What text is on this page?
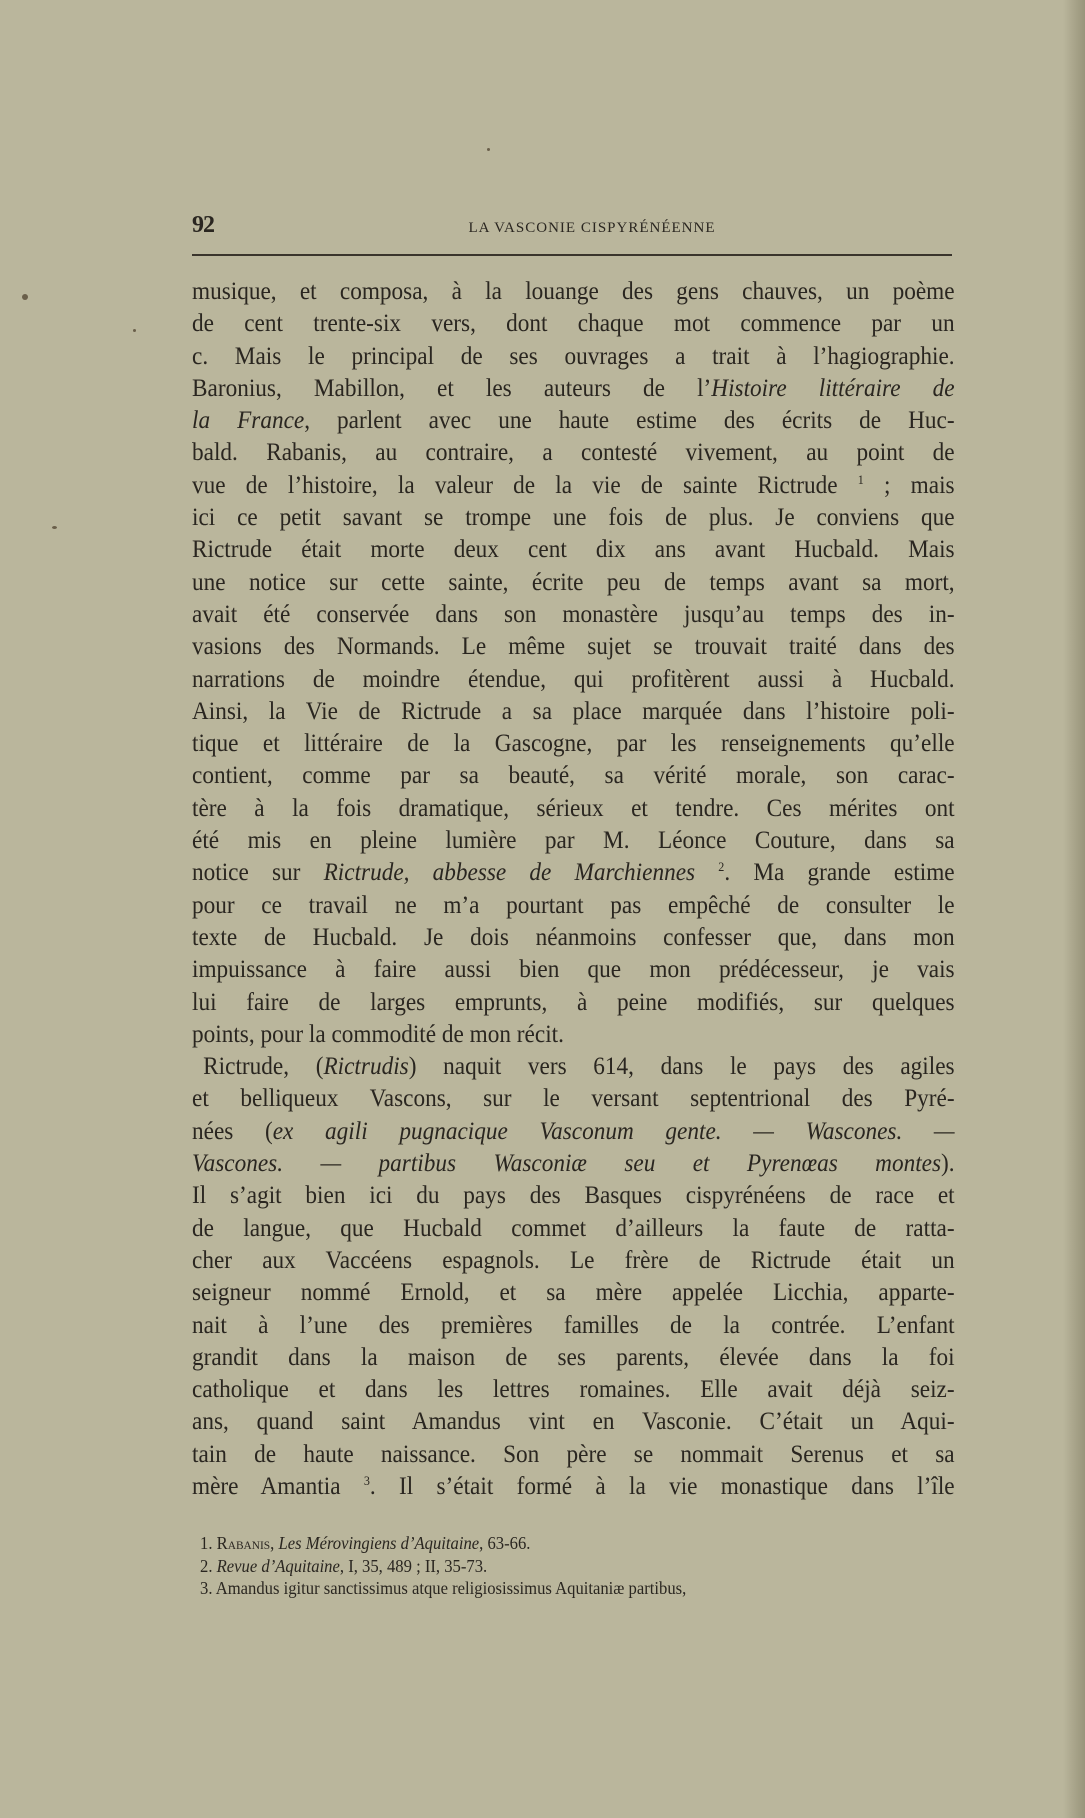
92	LA VASCONIE CISPYRÉNÉENNE
musique, et composa, à la louange des gens chauves, un poème
de cent trente-six vers, dont chaque mot commence par un
c. Mais le principal de ses ouvrages a trait à l’hagiographie.
Baronius, Mabillon, et les auteurs de l’Histoire littéraire de
la France, parlent avec une haute estime des écrits de Huc-
bald. Rabanis, au contraire, a contesté vivement, au point de
vue de l’histoire, la valeur de la vie de sainte Rictrude $^1$ ; mais
ici ce petit savant se trompe une fois de plus. Je conviens que
Rictrude était morte deux cent dix ans avant Hucbald. Mais
une notice sur cette sainte, écrite peu de temps avant sa mort,
avait été conservée dans son monastère jusqu’au temps des in-
vasions des Normands. Le même sujet se trouvait traité dans des
narrations de moindre étendue, qui profitèrent aussi à Hucbald.
Ainsi, la Vie de Rictrude a sa place marquée dans l’histoire poli-
tique et littéraire de la Gascogne, par les renseignements qu’elle
contient, comme par sa beauté, sa vérité morale, son carac-
tère à la fois dramatique, sérieux et tendre. Ces mérites ont
été mis en pleine lumière par M. Léonce Couture, dans sa
notice sur Rictrude, abbesse de Marchiennes $^2$. Ma grande estime
pour ce travail ne m’a pourtant pas empêché de consulter le
texte de Hucbald. Je dois néanmoins confesser que, dans mon
impuissance à faire aussi bien que mon prédécesseur, je vais
lui faire de larges emprunts, à peine modifiés, sur quelques
points, pour la commodité de mon récit.
Rictrude, (Rictrudis) naquit vers 614, dans le pays des agiles
et belliqueux Vascons, sur le versant septentrional des Pyré-
nées (ex agili pugnacique Vasconum gente. — Wascones. —
Vascones. — partibus Wasconiæ seu et Pyrenœas montes).
Il s’agit bien ici du pays des Basques cispyrénéens de race et
de langue, que Hucbald commet d’ailleurs la faute de ratta-
cher aux Vaccéens espagnols. Le frère de Rictrude était un
seigneur nommé Ernold, et sa mère appelée Licchia, apparte-
nait à l’une des premières familles de la contrée. L’enfant
grandit dans la maison de ses parents, élevée dans la foi
catholique et dans les lettres romaines. Elle avait déjà seiz-
ans, quand saint Amandus vint en Vasconie. C’était un Aqui-
tain de haute naissance. Son père se nommait Serenus et sa
mère Amantia $^3$. Il s’était formé à la vie monastique dans l’île
1. Rabanis, Les Mérovingiens d’Aquitaine, 63-66.
2. Revue d’Aquitaine, I, 35, 489 ; II, 35-73.
3. Amandus igitur sanctissimus atque religiosissimus Aquitaniæ partibus,
